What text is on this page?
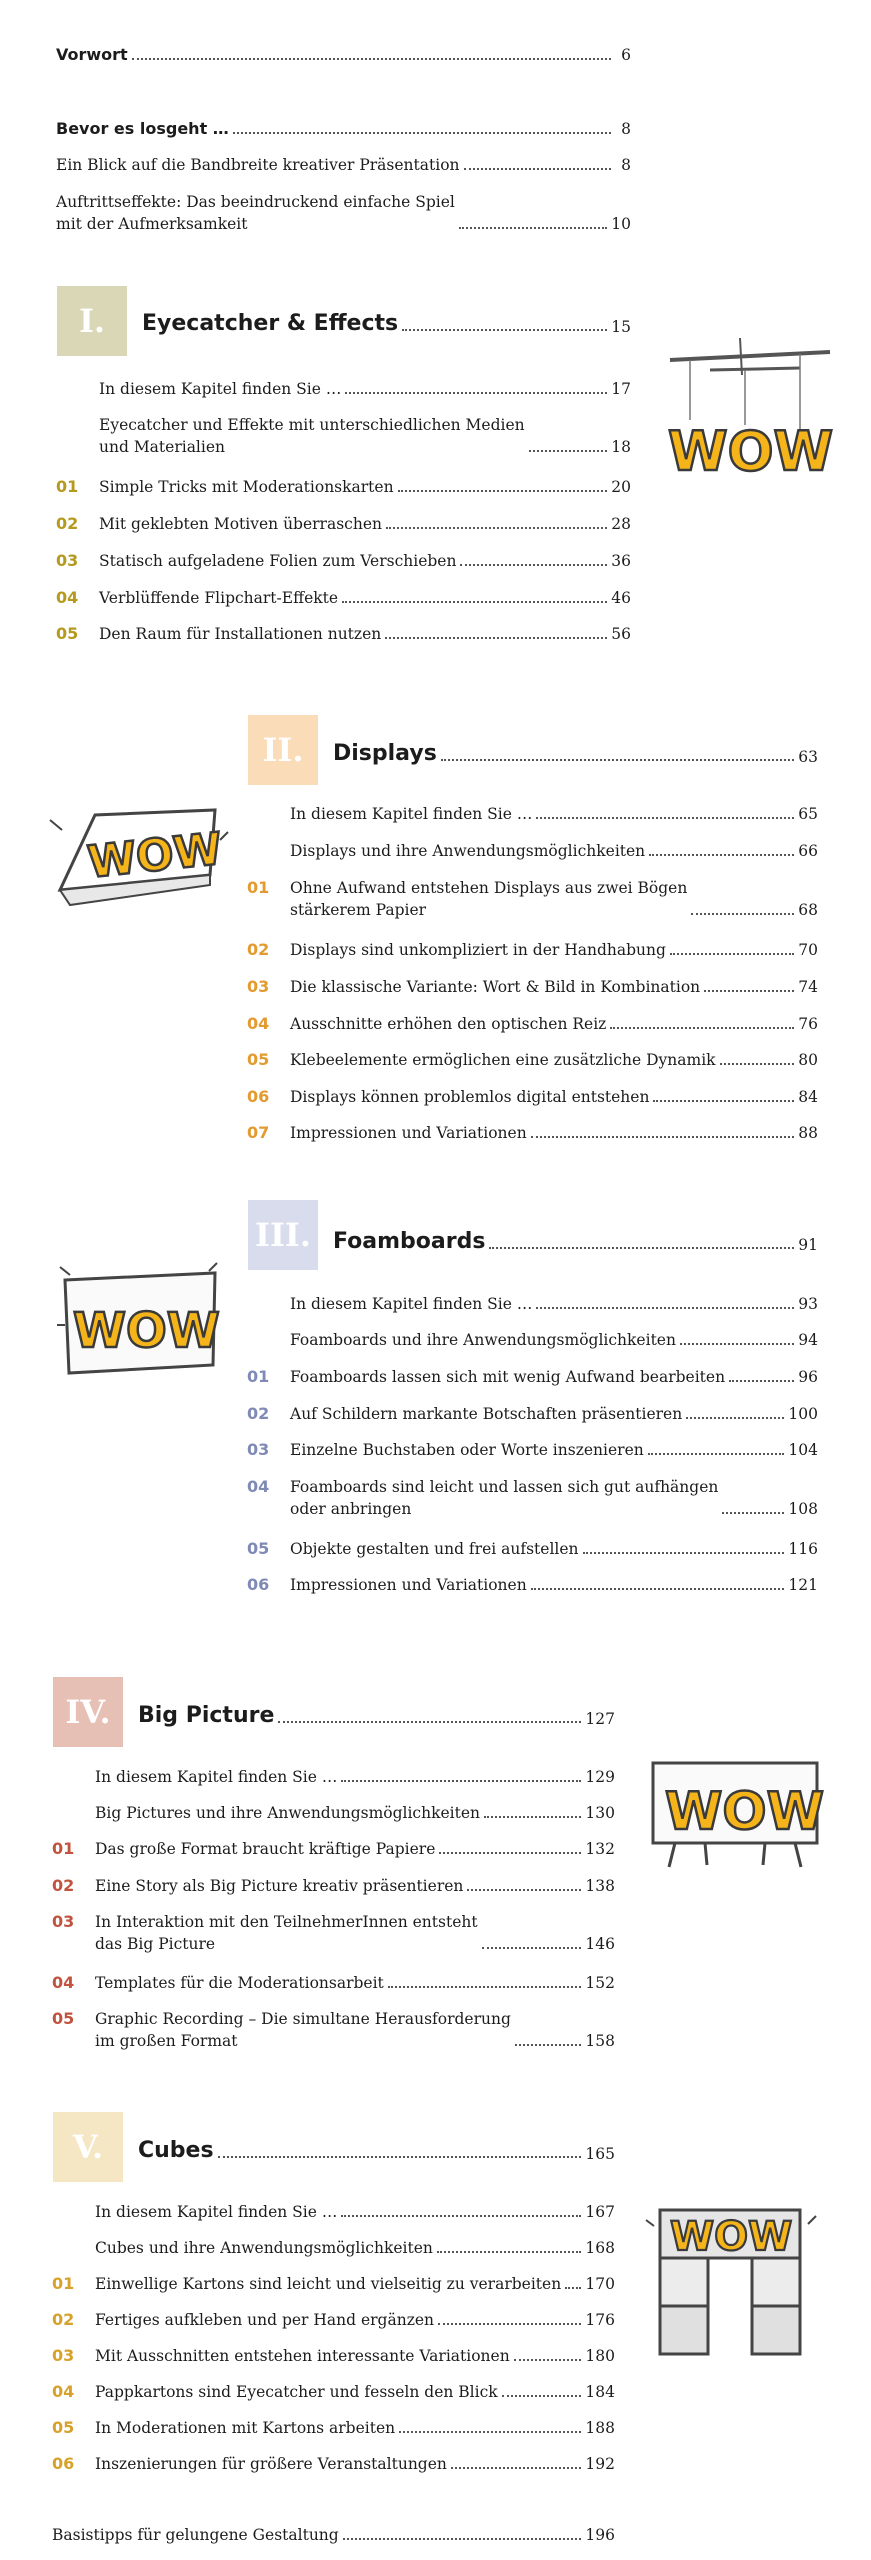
Vorwort	6
Bevor es losgeht …	8
Ein Blick auf die Bandbreite kreativer Präsentation	8
Auftrittseffekte: Das beeindruckend einfache Spiel
mit der Aufmerksamkeit	10
I. Eyecatcher & Effects	15
In diesem Kapitel finden Sie …	17
Eyecatcher und Effekte mit unterschiedlichen Medien
und Materialien	18
01 Simple Tricks mit Moderationskarten	20
02 Mit geklebten Motiven überraschen	28
03 Statisch aufgeladene Folien zum Verschieben	36
04 Verblüffende Flipchart-Effekte	46
05 Den Raum für Installationen nutzen	56
WOW
II. Displays	63
In diesem Kapitel finden Sie …	65
Displays und ihre Anwendungsmöglichkeiten	66
01 Ohne Aufwand entstehen Displays aus zwei Bögen
stärkerem Papier	68
02 Displays sind unkompliziert in der Handhabung	70
03 Die klassische Variante: Wort & Bild in Kombination	74
04 Ausschnitte erhöhen den optischen Reiz	76
05 Klebeelemente ermöglichen eine zusätzliche Dynamik	80
06 Displays können problemlos digital entstehen	84
07 Impressionen und Variationen	88
WOW
III. Foamboards	91
In diesem Kapitel finden Sie …	93
Foamboards und ihre Anwendungsmöglichkeiten	94
01 Foamboards lassen sich mit wenig Aufwand bearbeiten	96
02 Auf Schildern markante Botschaften präsentieren	100
03 Einzelne Buchstaben oder Worte inszenieren	104
04 Foamboards sind leicht und lassen sich gut aufhängen
oder anbringen	108
05 Objekte gestalten und frei aufstellen	116
06 Impressionen und Variationen	121
WOW
IV. Big Picture	127
In diesem Kapitel finden Sie …	129
Big Pictures und ihre Anwendungsmöglichkeiten	130
01 Das große Format braucht kräftige Papiere	132
02 Eine Story als Big Picture kreativ präsentieren	138
03 In Interaktion mit den TeilnehmerInnen entsteht
das Big Picture	146
04 Templates für die Moderationsarbeit	152
05 Graphic Recording – Die simultane Herausforderung
im großen Format	158
WOW
V. Cubes	165
In diesem Kapitel finden Sie …	167
Cubes und ihre Anwendungsmöglichkeiten	168
01 Einwellige Kartons sind leicht und vielseitig zu verarbeiten 170
02 Fertiges aufkleben und per Hand ergänzen	176
03 Mit Ausschnitten entstehen interessante Variationen	180
04 Pappkartons sind Eyecatcher und fesseln den Blick	184
05 In Moderationen mit Kartons arbeiten	188
06 Inszenierungen für größere Veranstaltungen	192
WOW
Basistipps für gelungene Gestaltung	196
